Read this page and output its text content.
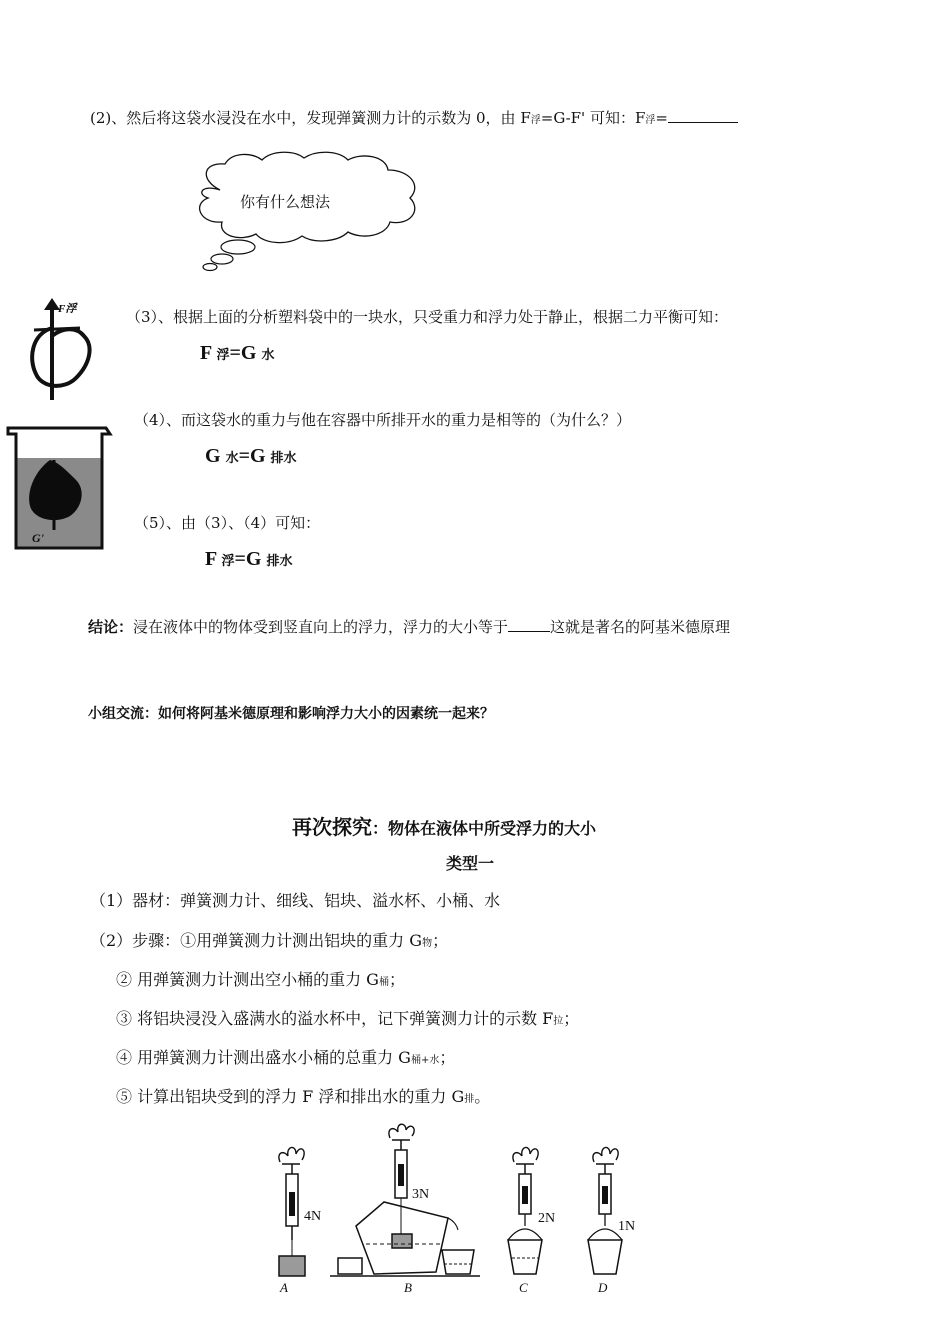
(2)、然后将这袋水浸没在水中，发现弹簧测力计的示数为 0，由 F浮=G-F' 可知：F浮=
你有什么想法
F浮	（3）、根据上面的分析塑料袋中的一块水，只受重力和浮力处于静止，根据二力平衡可知：
F 浮=G 水
G'
（4）、而这袋水的重力与他在容器中所排开水的重力是相等的（为什么？）
G 水=G 排水
（5）、由（3）、（4）可知：
F 浮=G 排水
结论：浸在液体中的物体受到竖直向上的浮力，浮力的大小等于	这就是著名的阿基米德原理
小组交流：如何将阿基米德原理和影响浮力大小的因素统一起来？
再次探究：物体在液体中所受浮力的大小
类型一
（1）器材：弹簧测力计、细线、铝块、溢水杯、小桶、水
（2）步骤：①用弹簧测力计测出铝块的重力 G物；
② 用弹簧测力计测出空小桶的重力 G桶；
③ 将铝块浸没入盛满水的溢水杯中，记下弹簧测力计的示数 F拉；
④ 用弹簧测力计测出盛水小桶的总重力 G桶+水；
⑤ 计算出铝块受到的浮力 F 浮和排出水的重力 G排。
4N
A
3N
B
2N
C
1N
D
